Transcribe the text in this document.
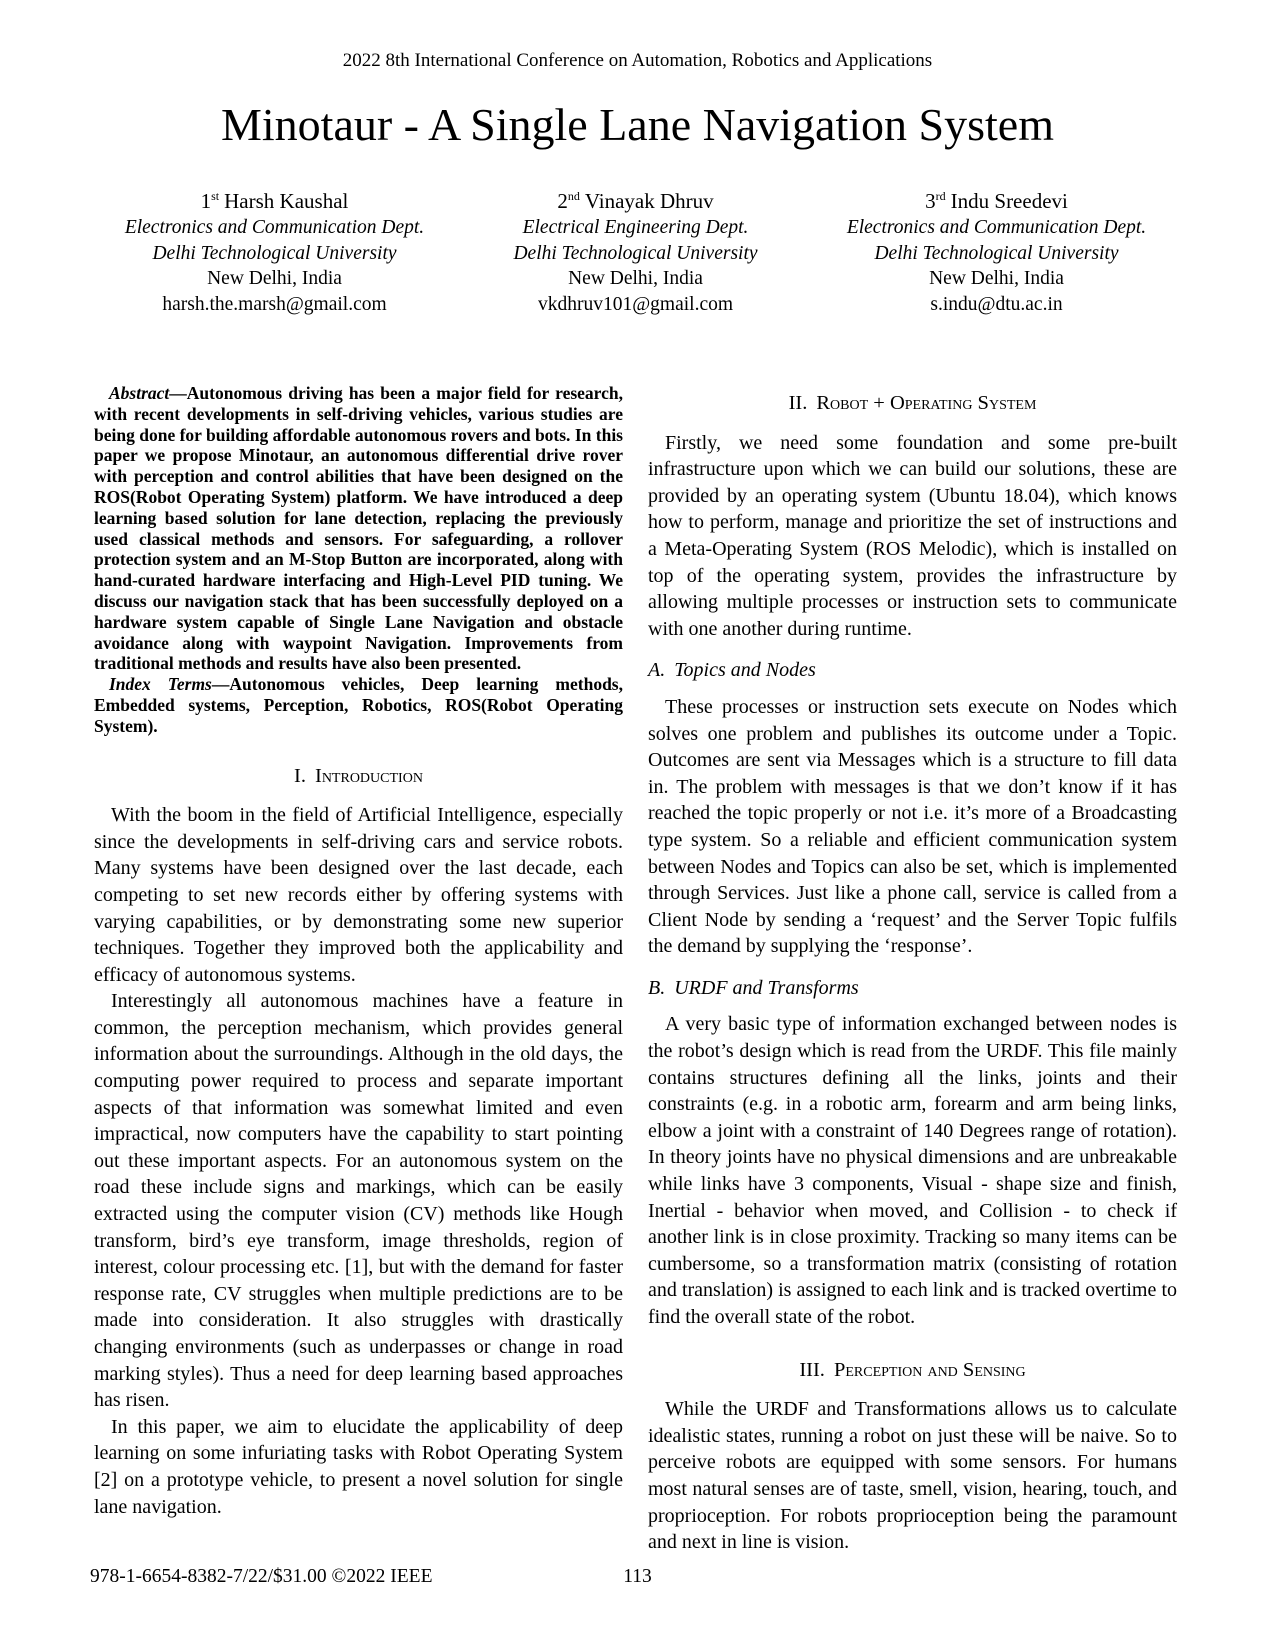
2022 8th International Conference on Automation, Robotics and Applications
Minotaur - A Single Lane Navigation System
1st Harsh Kaushal
Electronics and Communication Dept.
Delhi Technological University
New Delhi, India
harsh.the.marsh@gmail.com
2nd Vinayak Dhruv
Electrical Engineering Dept.
Delhi Technological University
New Delhi, India
vkdhruv101@gmail.com
3rd Indu Sreedevi
Electronics and Communication Dept.
Delhi Technological University
New Delhi, India
s.indu@dtu.ac.in

Abstract—Autonomous driving has been a major field for research, with recent developments in self-driving vehicles, various studies are being done for building affordable autonomous rovers and bots. In this paper we propose Minotaur, an autonomous differential drive rover with perception and control abilities that have been designed on the ROS(Robot Operating System) platform. We have introduced a deep learning based solution for lane detection, replacing the previously used classical methods and sensors. For safeguarding, a rollover protection system and an M-Stop Button are incorporated, along with hand-curated hardware interfacing and High-Level PID tuning. We discuss our navigation stack that has been successfully deployed on a hardware system capable of Single Lane Navigation and obstacle avoidance along with waypoint Navigation. Improvements from traditional methods and results have also been presented.

Index Terms—Autonomous vehicles, Deep learning methods, Embedded systems, Perception, Robotics, ROS(Robot Operating System).

I. Introduction

With the boom in the field of Artificial Intelligence, especially since the developments in self-driving cars and service robots. Many systems have been designed over the last decade, each competing to set new records either by offering systems with varying capabilities, or by demonstrating some new superior techniques. Together they improved both the applicability and efficacy of autonomous systems.

Interestingly all autonomous machines have a feature in common, the perception mechanism, which provides general information about the surroundings. Although in the old days, the computing power required to process and separate important aspects of that information was somewhat limited and even impractical, now computers have the capability to start pointing out these important aspects. For an autonomous system on the road these include signs and markings, which can be easily extracted using the computer vision (CV) methods like Hough transform, bird’s eye transform, image thresholds, region of interest, colour processing etc. [1], but with the demand for faster response rate, CV struggles when multiple predictions are to be made into consideration. It also struggles with drastically changing environments (such as underpasses or change in road marking styles). Thus a need for deep learning based approaches has risen.

In this paper, we aim to elucidate the applicability of deep learning on some infuriating tasks with Robot Operating System [2] on a prototype vehicle, to present a novel solution for single lane navigation.

II. Robot + Operating System

Firstly, we need some foundation and some pre-built infrastructure upon which we can build our solutions, these are provided by an operating system (Ubuntu 18.04), which knows how to perform, manage and prioritize the set of instructions and a Meta-Operating System (ROS Melodic), which is installed on top of the operating system, provides the infrastructure by allowing multiple processes or instruction sets to communicate with one another during runtime.

A. Topics and Nodes

These processes or instruction sets execute on Nodes which solves one problem and publishes its outcome under a Topic. Outcomes are sent via Messages which is a structure to fill data in. The problem with messages is that we don’t know if it has reached the topic properly or not i.e. it’s more of a Broadcasting type system. So a reliable and efficient communication system between Nodes and Topics can also be set, which is implemented through Services. Just like a phone call, service is called from a Client Node by sending a ‘request’ and the Server Topic fulfils the demand by supplying the ‘response’.

B. URDF and Transforms

A very basic type of information exchanged between nodes is the robot’s design which is read from the URDF. This file mainly contains structures defining all the links, joints and their constraints (e.g. in a robotic arm, forearm and arm being links, elbow a joint with a constraint of 140 Degrees range of rotation). In theory joints have no physical dimensions and are unbreakable while links have 3 components, Visual - shape size and finish, Inertial - behavior when moved, and Collision - to check if another link is in close proximity. Tracking so many items can be cumbersome, so a transformation matrix (consisting of rotation and translation) is assigned to each link and is tracked overtime to find the overall state of the robot.

III. Perception and Sensing

While the URDF and Transformations allows us to calculate idealistic states, running a robot on just these will be naive. So to perceive robots are equipped with some sensors. For humans most natural senses are of taste, smell, vision, hearing, touch, and proprioception. For robots proprioception being the paramount and next in line is vision.

978-1-6654-8382-7/22/$31.00 ©2022 IEEE	113
